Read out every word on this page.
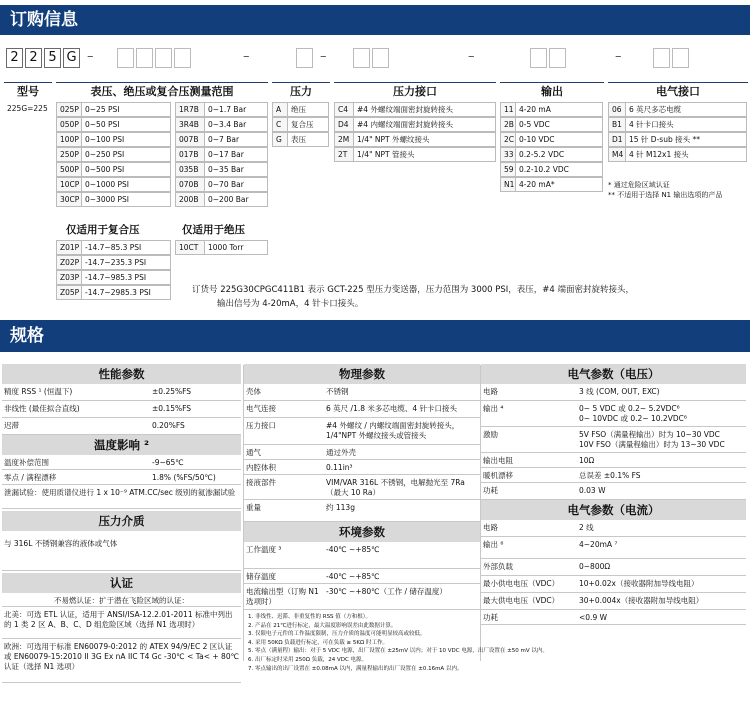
订购信息
2 2 5 G –	–	–	–	–
型号	表压、绝压或复合压测量范围	压力	压力接口	输出	电气接口
225G=225	025P 0~25 PSI
050P 0~50 PSI
100P 0~100 PSI
250P 0~250 PSI
500P 0~500 PSI
10CP 0~1000 PSI
30CP 0~3000 PSI
1R7B	0~1.7 Bar
3R4B	0~3.4 Bar
007B	0~7 Bar
017B	0~17 Bar
035B	0~35 Bar
070B	0~70 Bar
200B	0~200 Bar
Z01P -14.7~85.3 PSI
Z02P -14.7~235.3 PSI
Z03P -14.7~985.3 PSI
Z05P -14.7~2985.3 PSI
10CT	1000 Torr
A	绝压
C	复合压
G	表压
C4	#4 外螺纹端面密封旋转接头
D4	#4 内螺纹端面密封旋转接头
2M	1/4" NPT 外螺纹接头
2T	1/4" NPT 管接头
11 4-20 mA
2B 0-5 VDC
2C 0-10 VDC
33 0.2-5.2 VDC
59 0.2-10.2 VDC
N1 4-20 mA*
06 6 英尺多芯电缆
B1 4 针卡口接头
D1 15 针 D-sub 接头 **
M4 4 针 M12x1 接头
仅适用于复合压	仅适用于绝压
* 通过危险区域认证
** 不适用于选择 N1 输出选项的产品
订货号 225G30CPGC411B1 表示 GCT-225 型压力变送器，压力范围为 3000 PSI，表压，#4 端面密封旋转接头，
输出信号为 4-20mA，4 针卡口接头。
规格
性能参数
精度 RSS ¹ (恒温下)	±0.25%FS
非线性 (最佳拟合直线)	±0.15%FS
迟滞	0.20%FS
温度影响 ²
温度补偿范围	-9~65℃
零点 / 满程漂移	1.8% (%FS/50℃)
泄漏试验：使用质谱仪进行 1 x 10⁻⁹ ATM.CC/sec 级别的氦渗漏试验
压力介质
与 316L 不锈钢兼容的液体或气体
认证
不易燃认证：扩于潜在飞险区域的认证：
北美：可选 ETL 认证，适用于 ANSI/ISA-12.2.01-2011 标准中列出的 1 类 2 区 A、B、C、D 组危险区域（选择 N1 选项时）
欧洲：可选用于标准 EN60079-0:2012 的 ATEX 94/9/EC 2 区认证或 EN60079-15:2010 II 3G Ex nA IIC T4 Gc -30℃ < Ta< + 80℃认证（选择 N1 选项）
物理参数
壳体	不锈钢
电气连接	6 英尺 /1.8 米多芯电缆、4 针卡口接头
压力接口	#4 外螺纹 / 内螺纹端面密封旋转接头，1/4"NPT 外螺纹接头或管接头
通气	通过外壳
内腔体积	0.11in³
接液部件	VIM/VAR 316L 不锈钢，电解抛光至 7Ra（最大 10 Ra）
重量	约 113g
环境参数
工作温度 ³	-40℃ ~+85℃
储存温度	-40℃ ~+85℃
电流输出型（订购 N1 选项时）
-30℃ ~+80℃（工作 / 储存温度）
1. 非线性、迟滞、非重复性的 RSS 值（方和根）。
2. 产品在 21℃进行标定，最大温度影响误差由此数据计算。
3. 仅限电子元件的工作温度限制，压力介质的温度可能明显较高或较低。
4. 采用 50KΩ 负载进行标定，可在负载 ≥ 5KΩ 时工作。
5. 零点（满量程）输出：对于 5 VDC 电源，出厂设置在 ±25mV 以内；对于 10 VDC 电源，出厂设置在 ±50 mV 以内。
6. 出厂标定时采用 250Ω 负载，24 VDC 电源。
7. 零点输出的出厂设置在 ±0.08mA 以内，满量程输出的出厂设置在 ±0.16mA 以内。
电气参数（电压）
电路	3 线 (COM, OUT, EXC)
输出 ⁴	0~ 5 VDC 或 0.2~ 5.2VDC⁶
0~ 10VDC 或 0.2~ 10.2VDC⁶
激励	5V FSO（满量程输出）时为 10~30 VDC
10V FSO（满量程输出）时为 13~30 VDC
输出电阻	10Ω
暖机漂移	总误差 ±0.1% FS
功耗	0.03 W
电气参数（电流）
电路	2 线
输出 ⁶	4~20mA ⁷
外部负载	0~800Ω
最小供电电压（VDC）	10+0.02x（接收器附加导线电阻）
最大供电电压（VDC）	30+0.004x（接收器附加导线电阻）
功耗	<0.9 W
